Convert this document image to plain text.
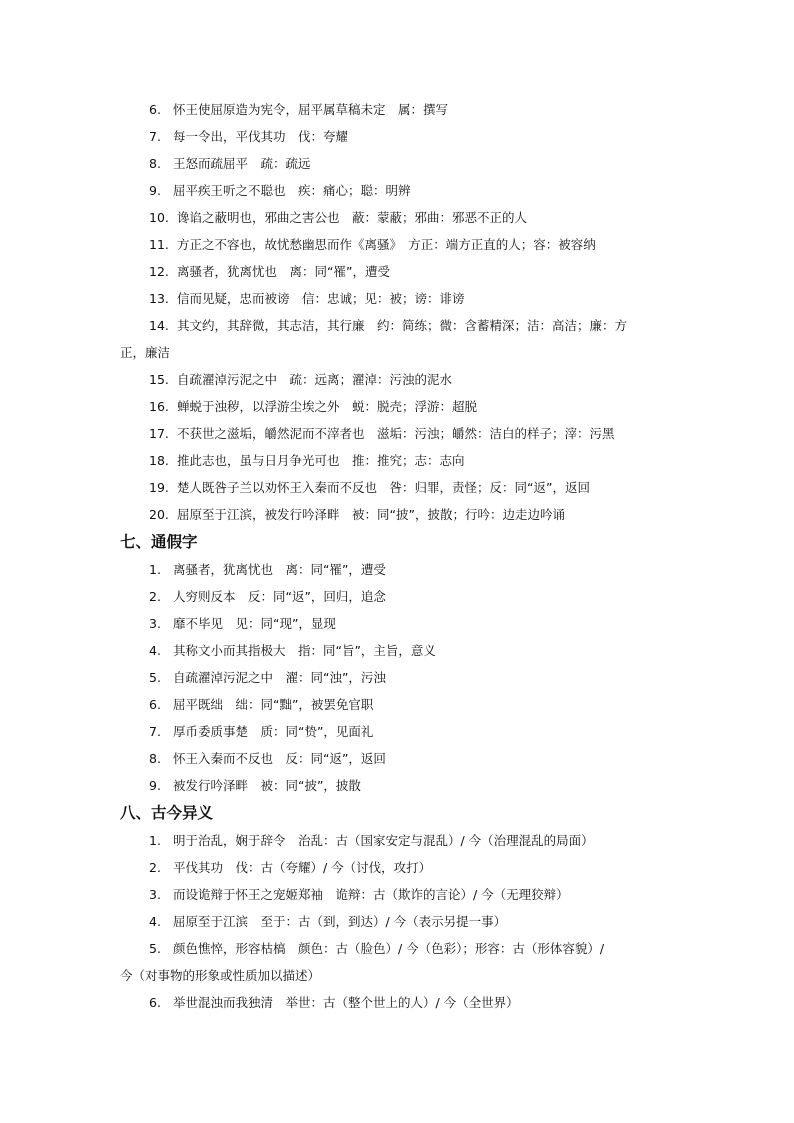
6. 怀王使屈原造为宪令，屈平属草稿未定　属：撰写
7. 每一令出，平伐其功　伐：夸耀
8. 王怒而疏屈平　疏：疏远
9. 屈平疾王听之不聪也　疾：痛心；聪：明辨
10. 谗谄之蔽明也，邪曲之害公也　蔽：蒙蔽；邪曲：邪恶不正的人
11. 方正之不容也，故忧愁幽思而作《离骚》　方正：端方正直的人；容：被容纳
12. 离骚者，犹离忧也　离：同“罹”，遭受
13. 信而见疑，忠而被谤　信：忠诚；见：被；谤：诽谤
14. 其文约，其辞微，其志洁，其行廉　约：简练；微：含蓄精深；洁：高洁；廉：方
正，廉洁
15. 自疏濯淖污泥之中　疏：远离；濯淖：污浊的泥水
16. 蝉蜕于浊秽，以浮游尘埃之外　蜕：脱壳；浮游：超脱
17. 不获世之滋垢，皭然泥而不滓者也　滋垢：污浊；皭然：洁白的样子；滓：污黑
18. 推此志也，虽与日月争光可也　推：推究；志：志向
19. 楚人既咎子兰以劝怀王入秦而不反也　咎：归罪，责怪；反：同“返”，返回
20. 屈原至于江滨，被发行吟泽畔　被：同“披”，披散；行吟：边走边吟诵
七、通假字
1. 离骚者，犹离忧也　离：同“罹”，遭受
2. 人穷则反本　反：同“返”，回归，追念
3. 靡不毕见　见：同“现”，显现
4. 其称文小而其指极大　指：同“旨”，主旨，意义
5. 自疏濯淖污泥之中　濯：同“浊”，污浊
6. 屈平既绌　绌：同“黜”，被罢免官职
7. 厚币委质事楚　质：同“贽”，见面礼
8. 怀王入秦而不反也　反：同“返”，返回
9. 被发行吟泽畔　被：同“披”，披散
八、古今异义
1. 明于治乱，娴于辞令　治乱：古（国家安定与混乱）/ 今（治理混乱的局面）
2. 平伐其功　伐：古（夸耀）/ 今（讨伐，攻打）
3. 而设诡辩于怀王之宠姬郑袖　诡辩：古（欺诈的言论）/ 今（无理狡辩）
4. 屈原至于江滨　至于：古（到，到达）/ 今（表示另提一事）
5. 颜色憔悴，形容枯槁　颜色：古（脸色）/ 今（色彩）；形容：古（形体容貌）/
今（对事物的形象或性质加以描述）
6. 举世混浊而我独清　举世：古（整个世上的人）/ 今（全世界）
